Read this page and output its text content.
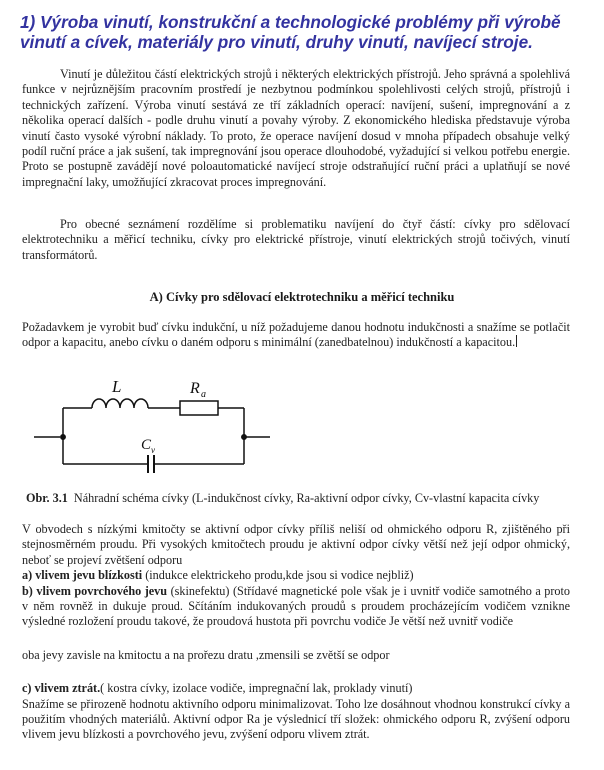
1) Výroba vinutí, konstrukční a technologické problémy při výrobě vinutí a cívek, materiály pro vinutí, druhy vinutí, navíjecí stroje.

Vinutí je důležitou částí elektrických strojů i některých elektrických přístrojů. Jeho správná a spolehlivá funkce v nejrůznějším pracovním prostředí je nezbytnou podmínkou spolehlivosti celých strojů, přístrojů i technických zařízení. Výroba vinutí sestává ze tří základních operací: navíjení, sušení, impregnování a z několika operací dalších - podle druhu vinutí a povahy výroby. Z ekonomického hlediska představuje výroba vinutí často vysoké výrobní náklady. To proto, že operace navíjení dosud v mnoha případech obsahuje velký podíl ruční práce a jak sušení, tak impregnování jsou operace dlouhodobé, vyžadující si velkou potřebu energie. Proto se postupně zavádějí nové poloautomatické navíjecí stroje odstraňující ruční práci a uplatňují se nové impregnační laky, umožňující zkracovat proces impregnování.

Pro obecné seznámení rozdělíme si problematiku navíjení do čtyř částí: cívky pro sdělovací elektrotechniku a měřicí techniku, cívky pro elektrické přístroje, vinutí elektrických strojů točivých, vinutí transformátorů.

A) Cívky pro sdělovací elektrotechniku a měřicí techniku

Požadavkem je vyrobit buď cívku indukční, u níž požadujeme danou hodnotu indukčnosti a snažíme se potlačit odpor a kapacitu, anebo cívku o daném odporu s minimální (zanedbatelnou) indukčností a kapacitou.

L	R a
C v

Obr. 3.1 Náhradní schéma cívky (L-indukčnost cívky, Ra-aktivní odpor cívky, Cv-vlastní kapacita cívky

V obvodech s nízkými kmitočty se aktivní odpor cívky příliš neliší od ohmického odporu R, zjištěného při stejnosměrném proudu. Při vysokých kmitočtech proudu je aktivní odpor cívky větší než její odpor ohmický, neboť se projeví zvětšení odporu
a) vlivem jevu blízkosti (indukce elektrickeho produ,kde jsou si vodice nejbliž)
b) vlivem povrchového jevu (skinefektu) (Střídavé magnetické pole však je i uvnitř vodiče samotného a proto v něm rovněž in dukuje proud. Sčítáním indukovaných proudů s proudem procházejícím vodičem vznikne výsledné rozložení proudu takové, že proudová hustota při povrchu vodiče Je větší než uvnitř vodiče
oba jevy zavisle na kmitoctu a na prořezu dratu ,zmensili se zvětší se odpor
c) vlivem ztrát.( kostra cívky, izolace vodiče, impregnační lak, proklady vinutí)
Snažíme se přirozeně hodnotu aktivního odporu minimalizovat. Toho lze dosáhnout vhodnou konstrukcí cívky a použitím vhodných materiálů. Aktivní odpor Ra je výslednicí tří složek: ohmického odporu R, zvýšení odporu vlivem jevu blízkosti a povrchového jevu, zvýšení odporu vlivem ztrát.
